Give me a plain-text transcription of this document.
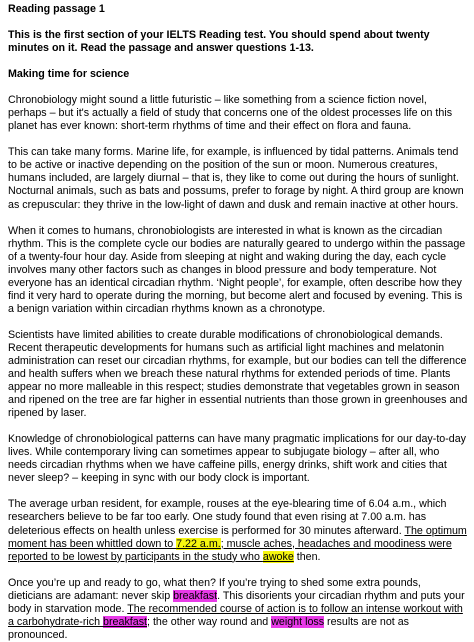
Reading passage 1

This is the first section of your IELTS Reading test. You should spend about twenty minutes on it. Read the passage and answer questions 1-13.

Making time for science

Chronobiology might sound a little futuristic – like something from a science fiction novel, perhaps – but it's actually a field of study that concerns one of the oldest processes life on this planet has ever known: short-term rhythms of time and their effect on flora and fauna.

This can take many forms. Marine life, for example, is influenced by tidal patterns. Animals tend to be active or inactive depending on the position of the sun or moon. Numerous creatures, humans included, are largely diurnal – that is, they like to come out during the hours of sunlight. Nocturnal animals, such as bats and possums, prefer to forage by night. A third group are known as crepuscular: they thrive in the low-light of dawn and dusk and remain inactive at other hours.

When it comes to humans, chronobiologists are interested in what is known as the circadian rhythm. This is the complete cycle our bodies are naturally geared to undergo within the passage of a twenty-four hour day. Aside from sleeping at night and waking during the day, each cycle involves many other factors such as changes in blood pressure and body temperature. Not everyone has an identical circadian rhythm. ‘Night people’, for example, often describe how they find it very hard to operate during the morning, but become alert and focused by evening. This is a benign variation within circadian rhythms known as a chronotype.

Scientists have limited abilities to create durable modifications of chronobiological demands. Recent therapeutic developments for humans such as artificial light machines and melatonin administration can reset our circadian rhythms, for example, but our bodies can tell the difference and health suffers when we breach these natural rhythms for extended periods of time. Plants appear no more malleable in this respect; studies demonstrate that vegetables grown in season and ripened on the tree are far higher in essential nutrients than those grown in greenhouses and ripened by laser.

Knowledge of chronobiological patterns can have many pragmatic implications for our day-to-day lives. While contemporary living can sometimes appear to subjugate biology – after all, who needs circadian rhythms when we have caffeine pills, energy drinks, shift work and cities that never sleep? – keeping in sync with our body clock is important.

The average urban resident, for example, rouses at the eye-blearing time of 6.04 a.m., which researchers believe to be far too early. One study found that even rising at 7.00 a.m. has deleterious effects on health unless exercise is performed for 30 minutes afterward. The optimum moment has been whittled down to 7.22 a.m.; muscle aches, headaches and moodiness were reported to be lowest by participants in the study who awoke then.

Once you’re up and ready to go, what then? If you’re trying to shed some extra pounds, dieticians are adamant: never skip breakfast. This disorients your circadian rhythm and puts your body in starvation mode. The recommended course of action is to follow an intense workout with a carbohydrate-rich breakfast; the other way round and weight loss results are not as pronounced.
